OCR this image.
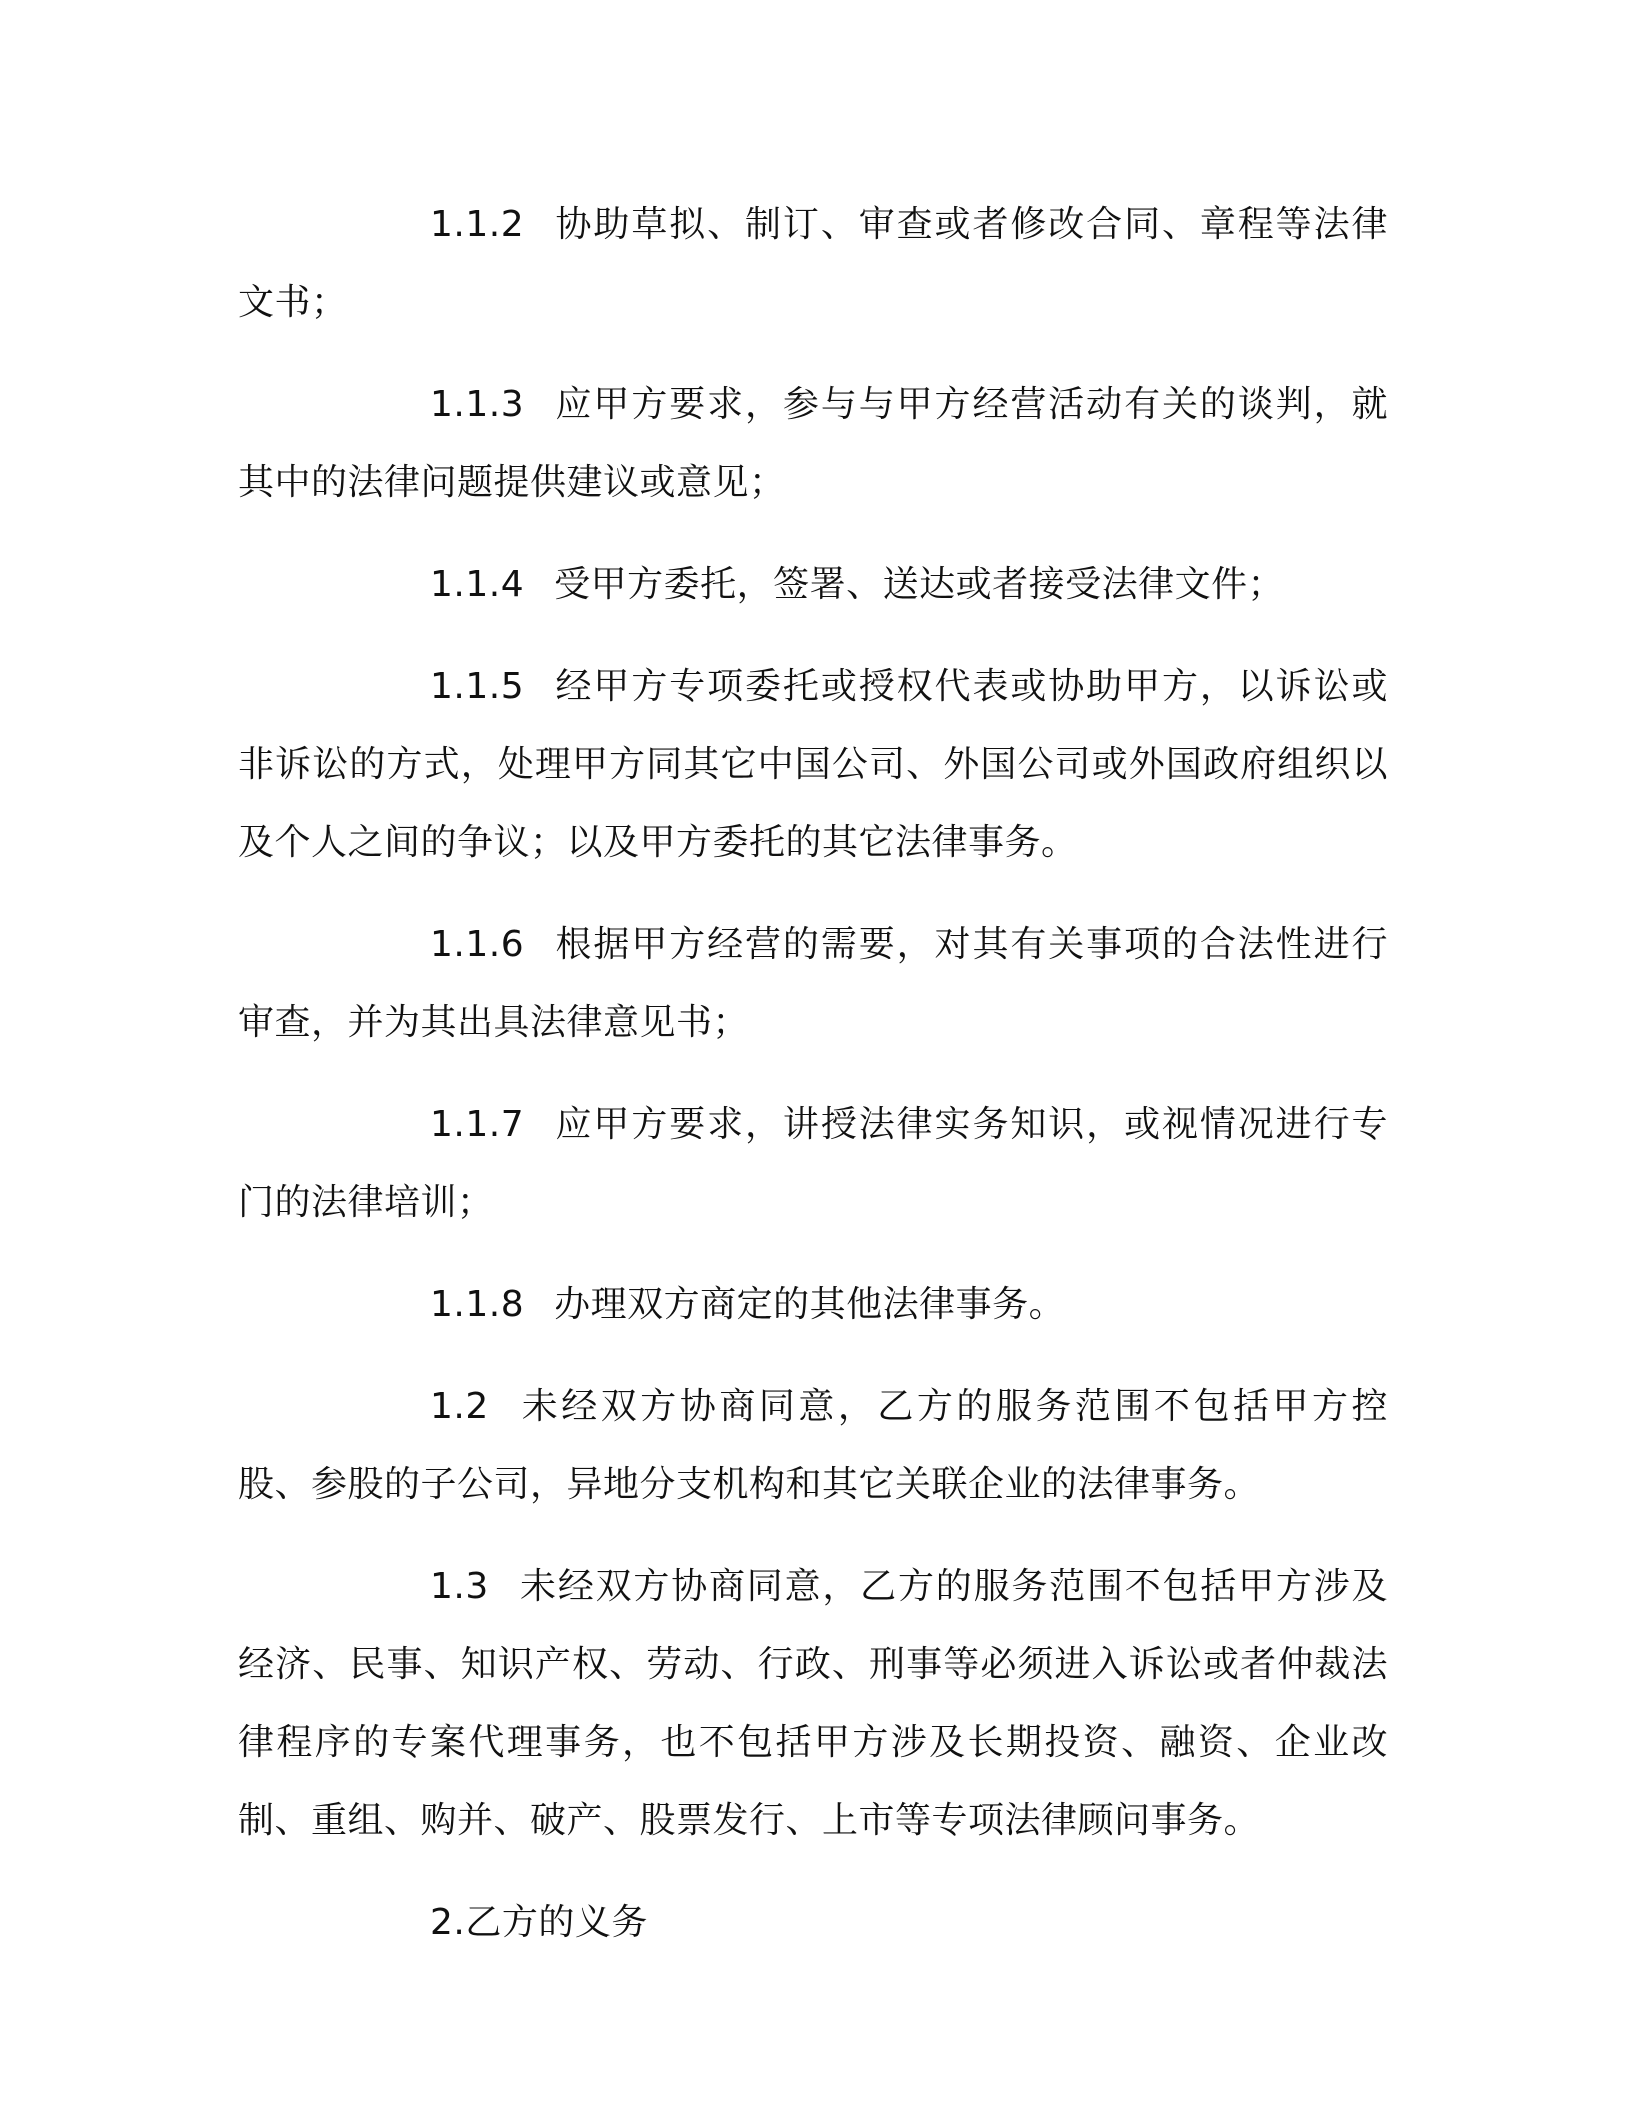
1.1.2 协助草拟、制订、审查或者修改合同、章程等法律文书；

1.1.3 应甲方要求，参与与甲方经营活动有关的谈判，就其中的法律问题提供建议或意见；

1.1.4 受甲方委托，签署、送达或者接受法律文件；

1.1.5 经甲方专项委托或授权代表或协助甲方，以诉讼或非诉讼的方式，处理甲方同其它中国公司、外国公司或外国政府组织以及个人之间的争议；以及甲方委托的其它法律事务。

1.1.6 根据甲方经营的需要，对其有关事项的合法性进行审查，并为其出具法律意见书；

1.1.7 应甲方要求，讲授法律实务知识，或视情况进行专门的法律培训；

1.1.8 办理双方商定的其他法律事务。

1.2 未经双方协商同意，乙方的服务范围不包括甲方控股、参股的子公司，异地分支机构和其它关联企业的法律事务。

1.3 未经双方协商同意，乙方的服务范围不包括甲方涉及经济、民事、知识产权、劳动、行政、刑事等必须进入诉讼或者仲裁法律程序的专案代理事务，也不包括甲方涉及长期投资、融资、企业改制、重组、购并、破产、股票发行、上市等专项法律顾问事务。

2.乙方的义务
